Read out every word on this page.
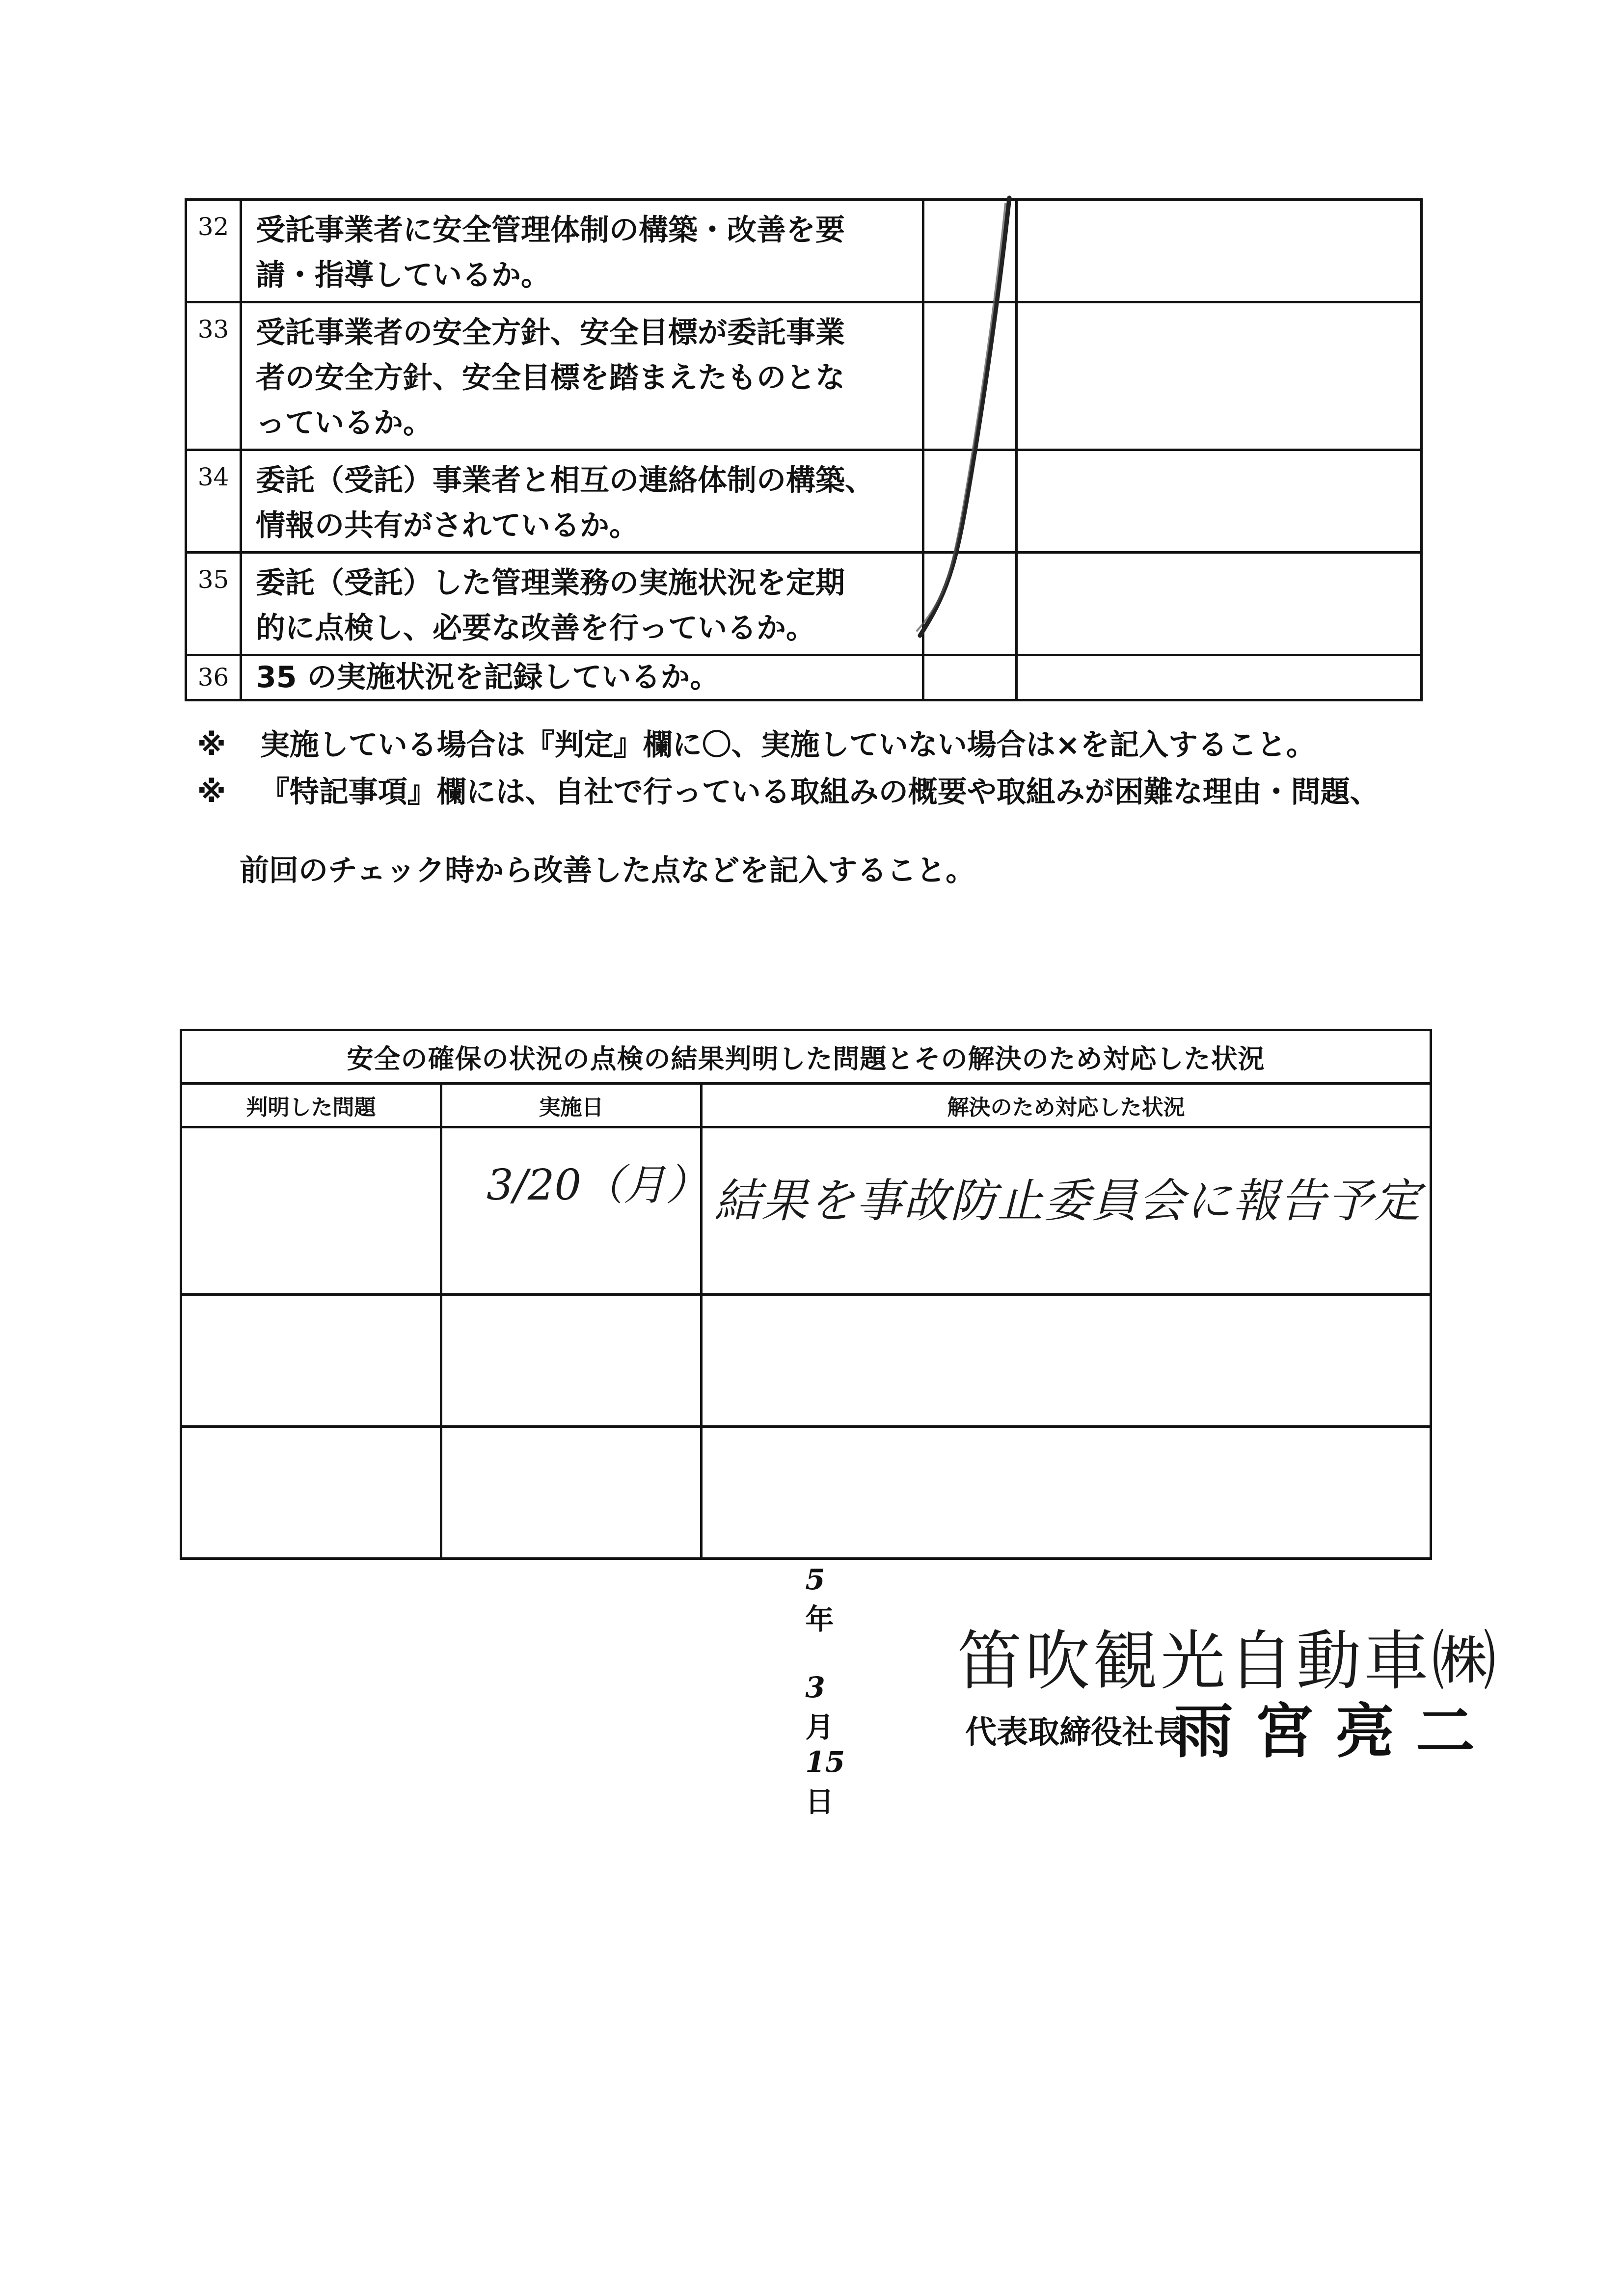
32	受託事業者に安全管理体制の構築・改善を要
請・指導しているか。		
33	受託事業者の安全方針、安全目標が委託事業
者の安全方針、安全目標を踏まえたものとな
っているか。		
34	委託（受託）事業者と相互の連絡体制の構築、
情報の共有がされているか。		
35	委託（受託）した管理業務の実施状況を定期
的に点検し、必要な改善を行っているか。		
36	35 の実施状況を記録しているか。		

※ 実施している場合は『判定』欄に〇、実施していない場合は×を記入すること。

※ 『特記事項』欄には、自社で行っている取組みの概要や取組みが困難な理由・問題、

前回のチェック時から改善した点などを記入すること。

安全の確保の状況の点検の結果判明した問題とその解決のため対応した状況		
判明した問題	実施日	解決のため対応した状況
	3/20（月）	結果を事故防止委員会に報告予定

5
年

3
月
15
日

笛吹観光自動車㈱
代表取締役社長
雨宮亮二
